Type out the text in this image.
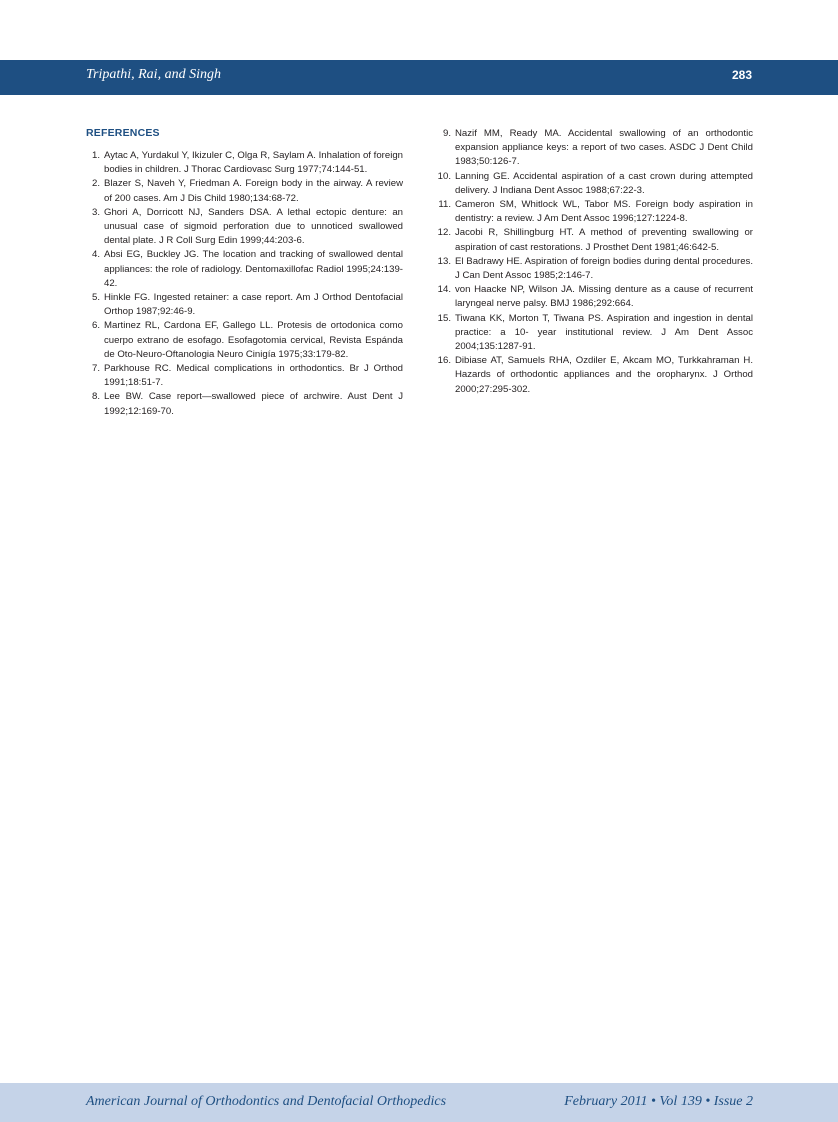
Tripathi, Rai, and Singh	283
REFERENCES
1. Aytac A, Yurdakul Y, Ikizuler C, Olga R, Saylam A. Inhalation of foreign bodies in children. J Thorac Cardiovasc Surg 1977;74:144-51.
2. Blazer S, Naveh Y, Friedman A. Foreign body in the airway. A review of 200 cases. Am J Dis Child 1980;134:68-72.
3. Ghori A, Dorricott NJ, Sanders DSA. A lethal ectopic denture: an unusual case of sigmoid perforation due to unnoticed swallowed dental plate. J R Coll Surg Edin 1999;44:203-6.
4. Absi EG, Buckley JG. The location and tracking of swallowed dental appliances: the role of radiology. Dentomaxillofac Radiol 1995;24:139-42.
5. Hinkle FG. Ingested retainer: a case report. Am J Orthod Dentofacial Orthop 1987;92:46-9.
6. Martinez RL, Cardona EF, Gallego LL. Protesis de ortodonica como cuerpo extrano de esofago. Esofagotomia cervical, Revista Espánda de Oto-Neuro-Oftanologia Neuro Cinigía 1975;33:179-82.
7. Parkhouse RC. Medical complications in orthodontics. Br J Orthod 1991;18:51-7.
8. Lee BW. Case report—swallowed piece of archwire. Aust Dent J 1992;12:169-70.
9. Nazif MM, Ready MA. Accidental swallowing of an orthodontic expansion appliance keys: a report of two cases. ASDC J Dent Child 1983;50:126-7.
10. Lanning GE. Accidental aspiration of a cast crown during attempted delivery. J Indiana Dent Assoc 1988;67:22-3.
11. Cameron SM, Whitlock WL, Tabor MS. Foreign body aspiration in dentistry: a review. J Am Dent Assoc 1996;127:1224-8.
12. Jacobi R, Shillingburg HT. A method of preventing swallowing or aspiration of cast restorations. J Prosthet Dent 1981;46:642-5.
13. El Badrawy HE. Aspiration of foreign bodies during dental procedures. J Can Dent Assoc 1985;2:146-7.
14. von Haacke NP, Wilson JA. Missing denture as a cause of recurrent laryngeal nerve palsy. BMJ 1986;292:664.
15. Tiwana KK, Morton T, Tiwana PS. Aspiration and ingestion in dental practice: a 10- year institutional review. J Am Dent Assoc 2004;135:1287-91.
16. Dibiase AT, Samuels RHA, Ozdiler E, Akcam MO, Turkkahraman H. Hazards of orthodontic appliances and the oropharynx. J Orthod 2000;27:295-302.
American Journal of Orthodontics and Dentofacial Orthopedics	February 2011 • Vol 139 • Issue 2
